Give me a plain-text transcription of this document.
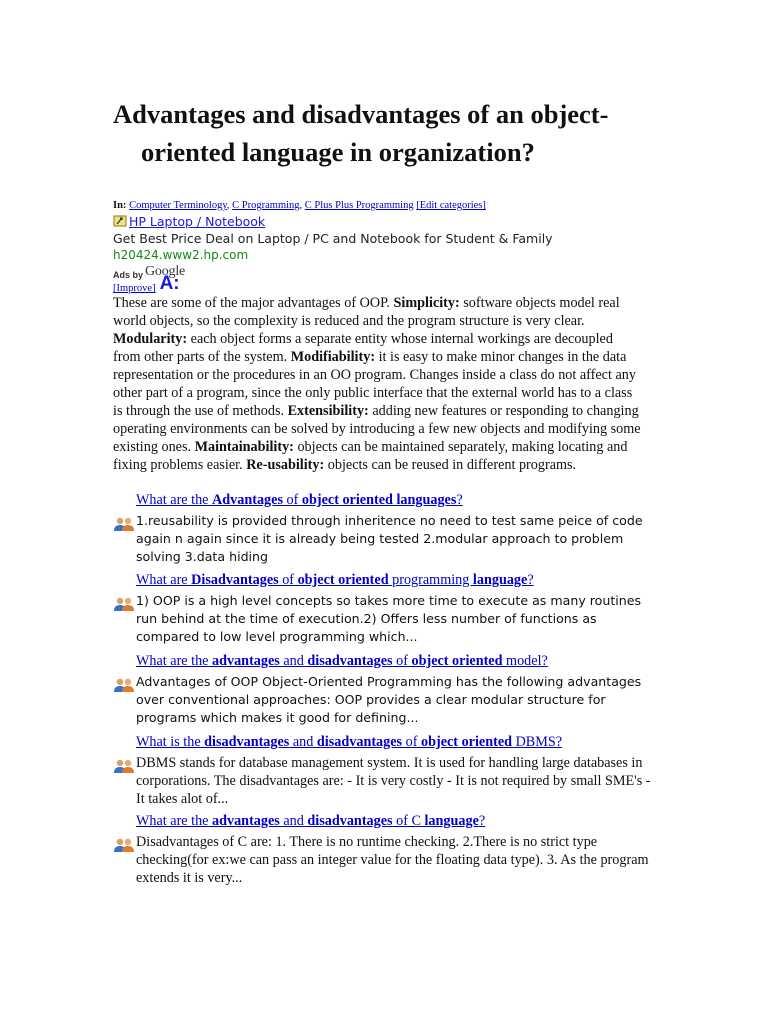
Advantages and disadvantages of an object-oriented language in organization?
In: Computer Terminology, C Programming, C Plus Plus Programming [Edit categories]
HP Laptop / Notebook
Get Best Price Deal on Laptop / PC and Notebook for Student & Family
h20424.www2.hp.com
Ads by Google
[Improve] A:

These are some of the major advantages of OOP. Simplicity: software objects model real world objects, so the complexity is reduced and the program structure is very clear. Modularity: each object forms a separate entity whose internal workings are decoupled from other parts of the system. Modifiability: it is easy to make minor changes in the data representation or the procedures in an OO program. Changes inside a class do not affect any other part of a program, since the only public interface that the external world has to a class is through the use of methods. Extensibility: adding new features or responding to changing operating environments can be solved by introducing a few new objects and modifying some existing ones. Maintainability: objects can be maintained separately, making locating and fixing problems easier. Re-usability: objects can be reused in different programs.

What are the Advantages of object oriented languages?
1.reusability is provided through inheritence no need to test same peice of code again n again since it is already being tested 2.modular approach to problem solving 3.data hiding
What are Disadvantages of object oriented programming language?
1) OOP is a high level concepts so takes more time to execute as many routines run behind at the time of execution.2) Offers less number of functions as compared to low level programming which...
What are the advantages and disadvantages of object oriented model?
Advantages of OOP Object-Oriented Programming has the following advantages over conventional approaches: OOP provides a clear modular structure for programs which makes it good for defining...
What is the disadvantages and disadvantages of object oriented DBMS?
DBMS stands for database management system. It is used for handling large databases in corporations. The disadvantages are: - It is very costly - It is not required by small SME's - It takes alot of...
What are the advantages and disadvantages of C language?
Disadvantages of C are: 1. There is no runtime checking. 2.There is no strict type checking(for ex:we can pass an integer value for the floating data type). 3. As the program extends it is very...
